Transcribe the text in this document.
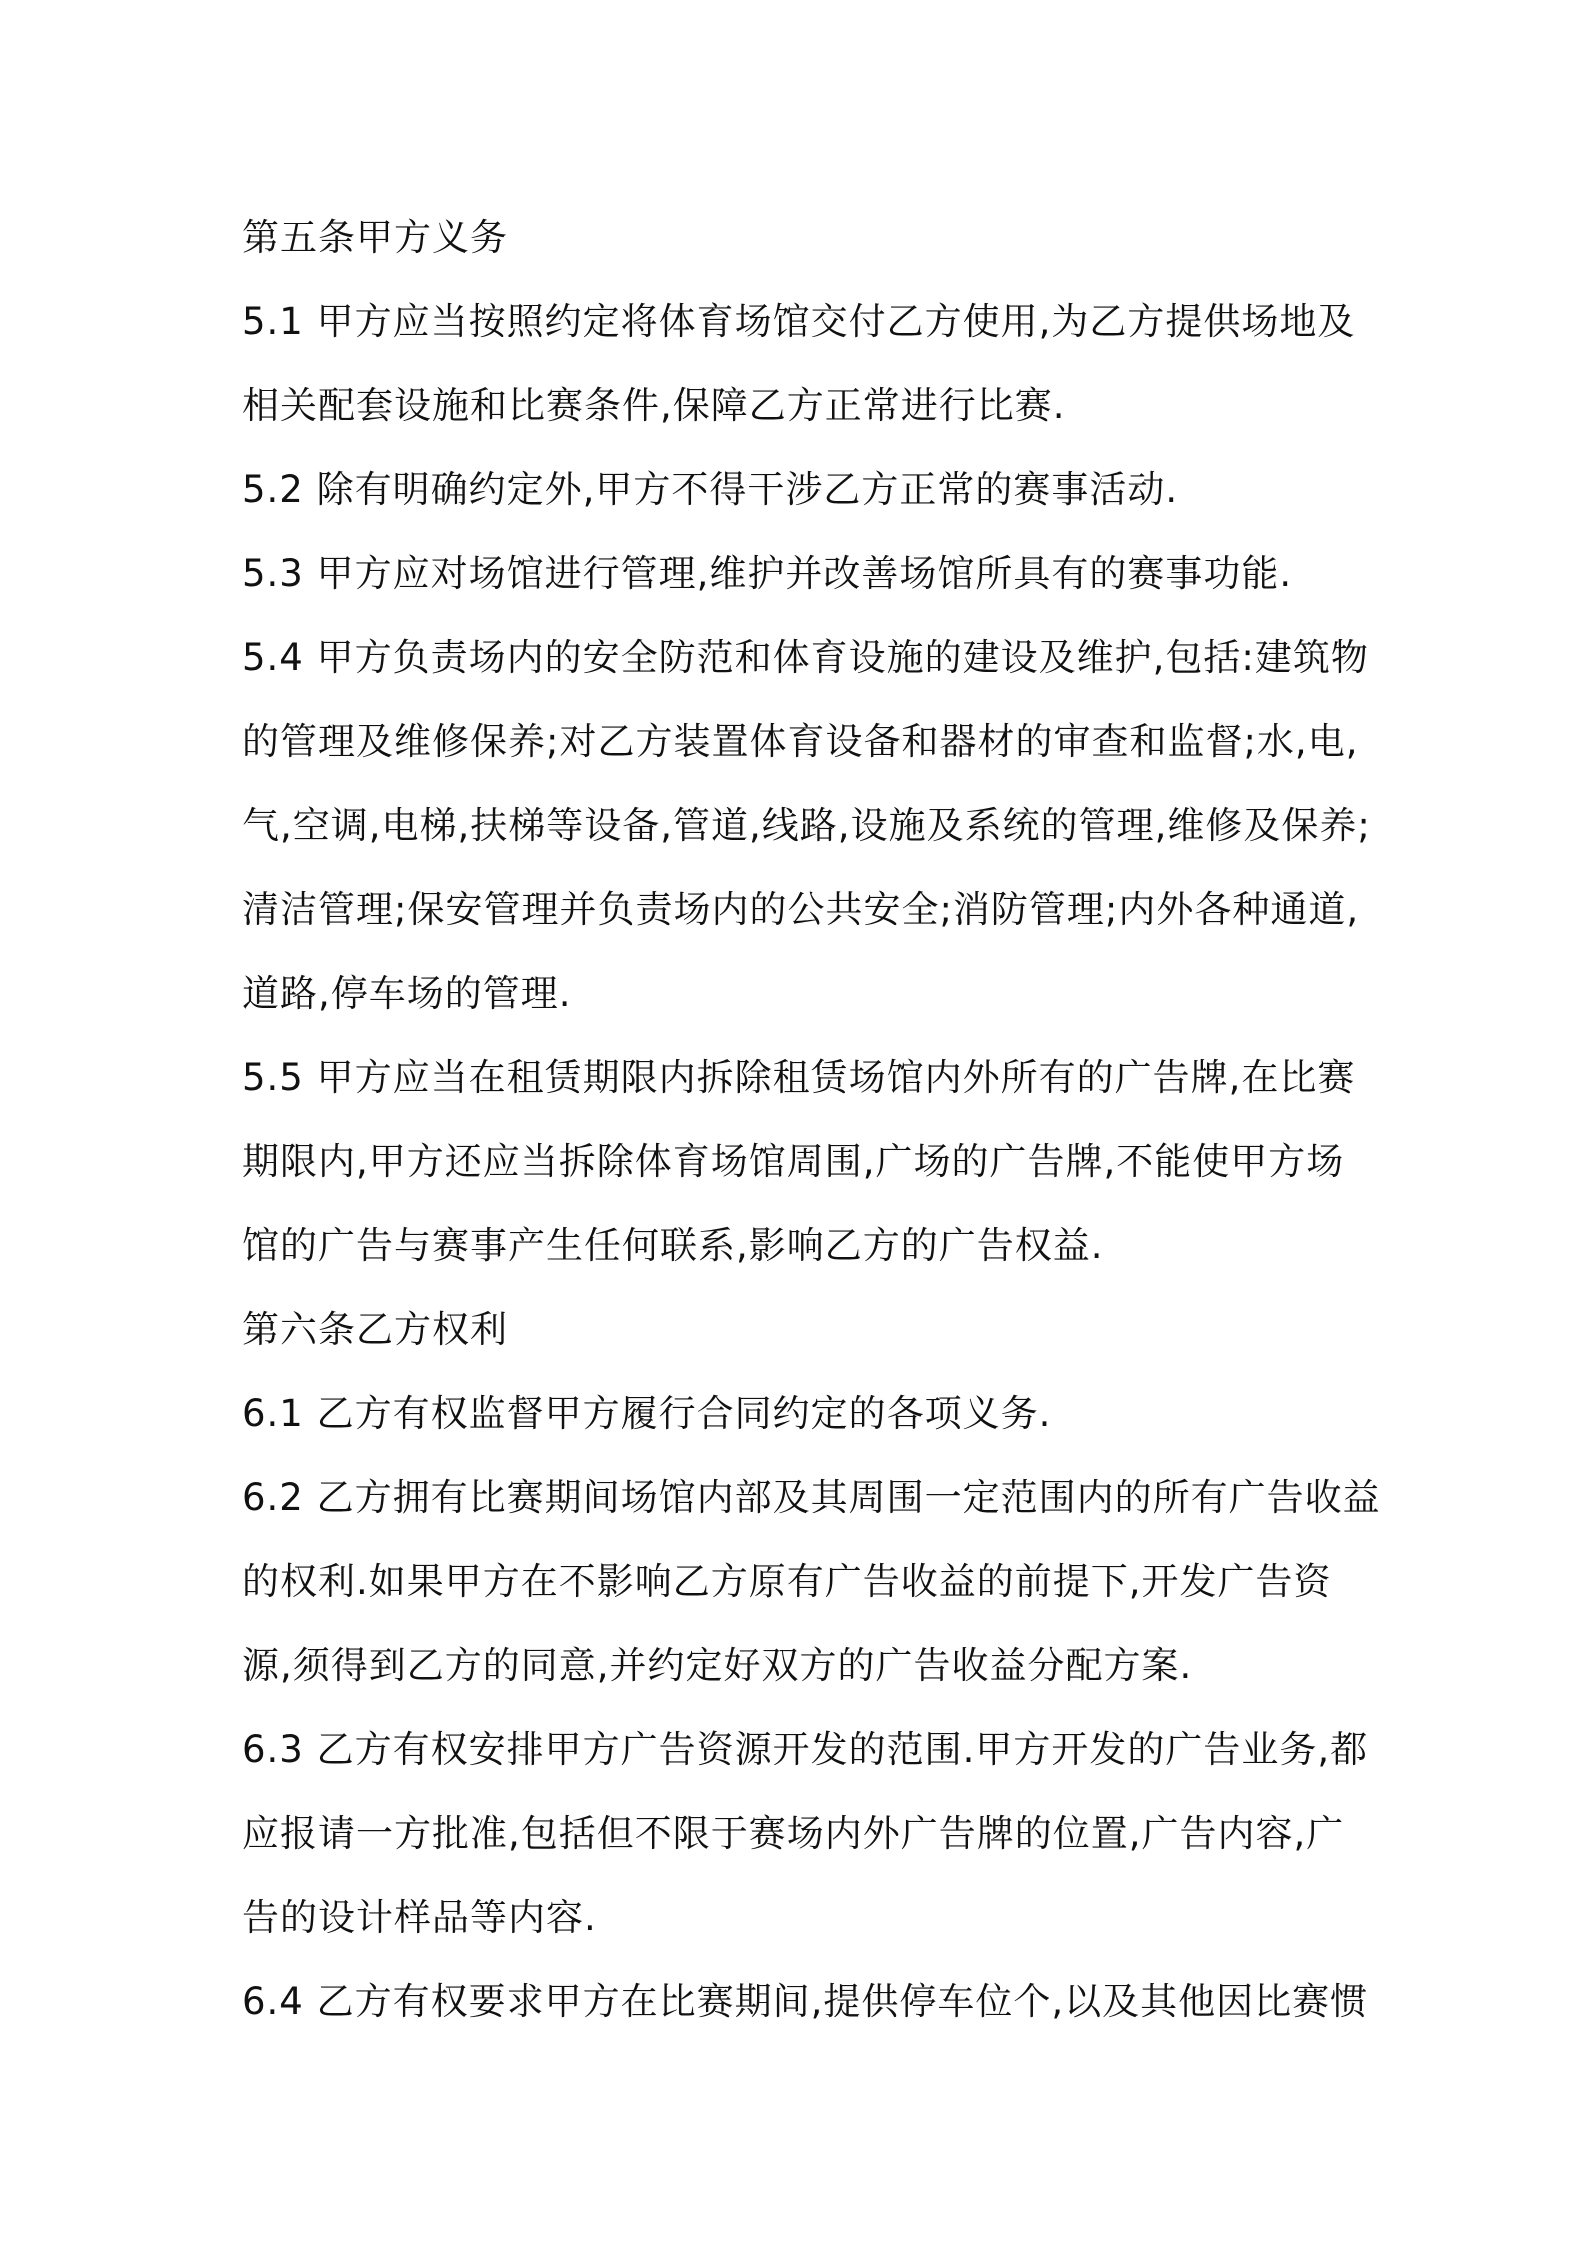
第五条甲方义务
5.1 甲方应当按照约定将体育场馆交付乙方使用,为乙方提供场地及
相关配套设施和比赛条件,保障乙方正常进行比赛.
5.2 除有明确约定外,甲方不得干涉乙方正常的赛事活动.
5.3 甲方应对场馆进行管理,维护并改善场馆所具有的赛事功能.
5.4 甲方负责场内的安全防范和体育设施的建设及维护,包括:建筑物
的管理及维修保养;对乙方装置体育设备和器材的审查和监督;水,电,
气,空调,电梯,扶梯等设备,管道,线路,设施及系统的管理,维修及保养;
清洁管理;保安管理并负责场内的公共安全;消防管理;内外各种通道,
道路,停车场的管理.
5.5 甲方应当在租赁期限内拆除租赁场馆内外所有的广告牌,在比赛
期限内,甲方还应当拆除体育场馆周围,广场的广告牌,不能使甲方场
馆的广告与赛事产生任何联系,影响乙方的广告权益.
第六条乙方权利
6.1 乙方有权监督甲方履行合同约定的各项义务.
6.2 乙方拥有比赛期间场馆内部及其周围一定范围内的所有广告收益
的权利.如果甲方在不影响乙方原有广告收益的前提下,开发广告资
源,须得到乙方的同意,并约定好双方的广告收益分配方案.
6.3 乙方有权安排甲方广告资源开发的范围.甲方开发的广告业务,都
应报请一方批准,包括但不限于赛场内外广告牌的位置,广告内容,广
告的设计样品等内容.
6.4 乙方有权要求甲方在比赛期间,提供停车位个,以及其他因比赛惯
